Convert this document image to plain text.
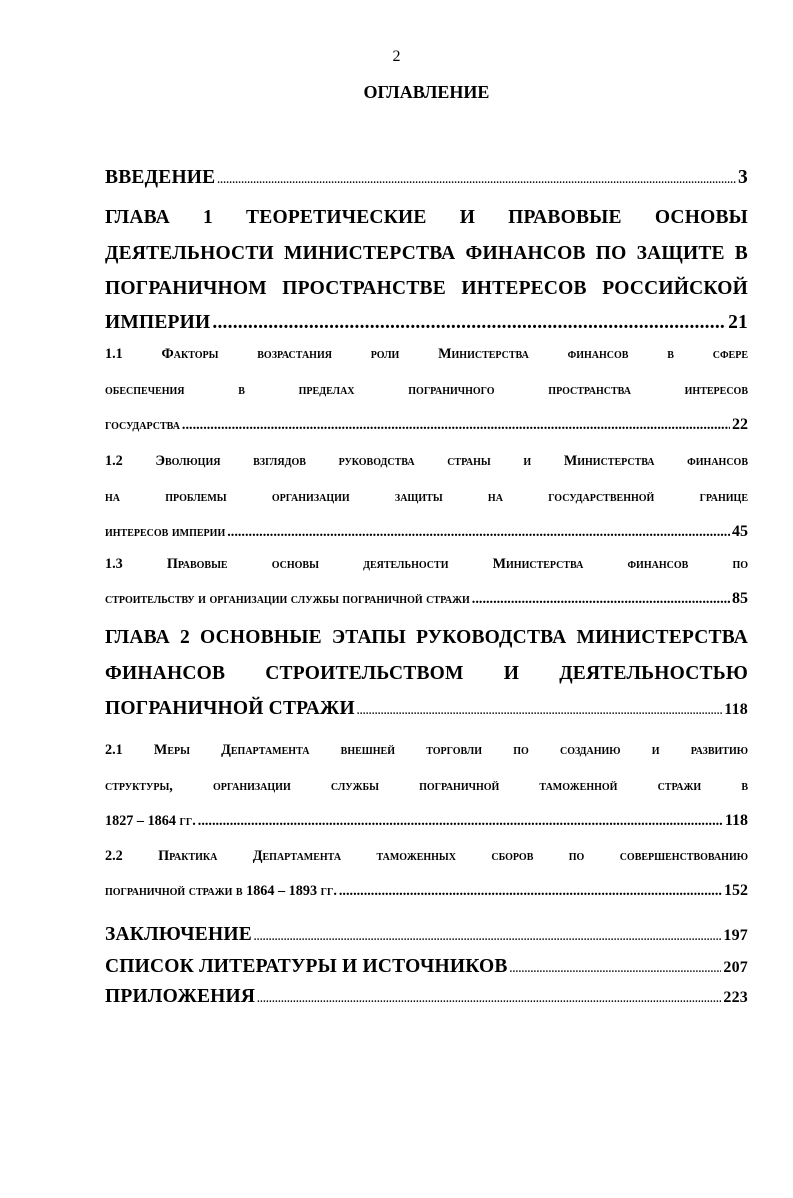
2
ОГЛАВЛЕНИЕ
ВВЕДЕНИЕ .....	3
ГЛАВА 1 ТЕОРЕТИЧЕСКИЕ И ПРАВОВЫЕ ОСНОВЫ
ДЕЯТЕЛЬНОСТИ МИНИСТЕРСТВА ФИНАНСОВ ПО ЗАЩИТЕ В
ПОГРАНИЧНОМ ПРОСТРАНСТВЕ ИНТЕРЕСОВ РОССИЙСКОЙ
ИМПЕРИИ .....	21
1.1 Факторы возрастания роли Министерства финансов в сфере
обеспечения в пределах пограничного пространства интересов
государства .....	22
1.2 Эволюция взглядов руководства страны и Министерства финансов
на проблемы организации защиты на государственной границе
интересов империи .....	45
1.3 Правовые основы деятельности Министерства финансов по
строительству и организации службы пограничной стражи .....	85
ГЛАВА 2 ОСНОВНЫЕ ЭТАПЫ РУКОВОДСТВА МИНИСТЕРСТВА
ФИНАНСОВ СТРОИТЕЛЬСТВОМ И ДЕЯТЕЛЬНОСТЬЮ
ПОГРАНИЧНОЙ СТРАЖИ .....	118
2.1 Меры Департамента внешней торговли по созданию и развитию
структуры, организации службы пограничной таможенной стражи в
1827 – 1864 гг. .....	118
2.2 Практика Департамента таможенных сборов по совершенствованию
пограничной стражи в 1864 – 1893 гг. .....	152
ЗАКЛЮЧЕНИЕ .....	197
СПИСОК ЛИТЕРАТУРЫ И ИСТОЧНИКОВ .....	207
ПРИЛОЖЕНИЯ .....	223
